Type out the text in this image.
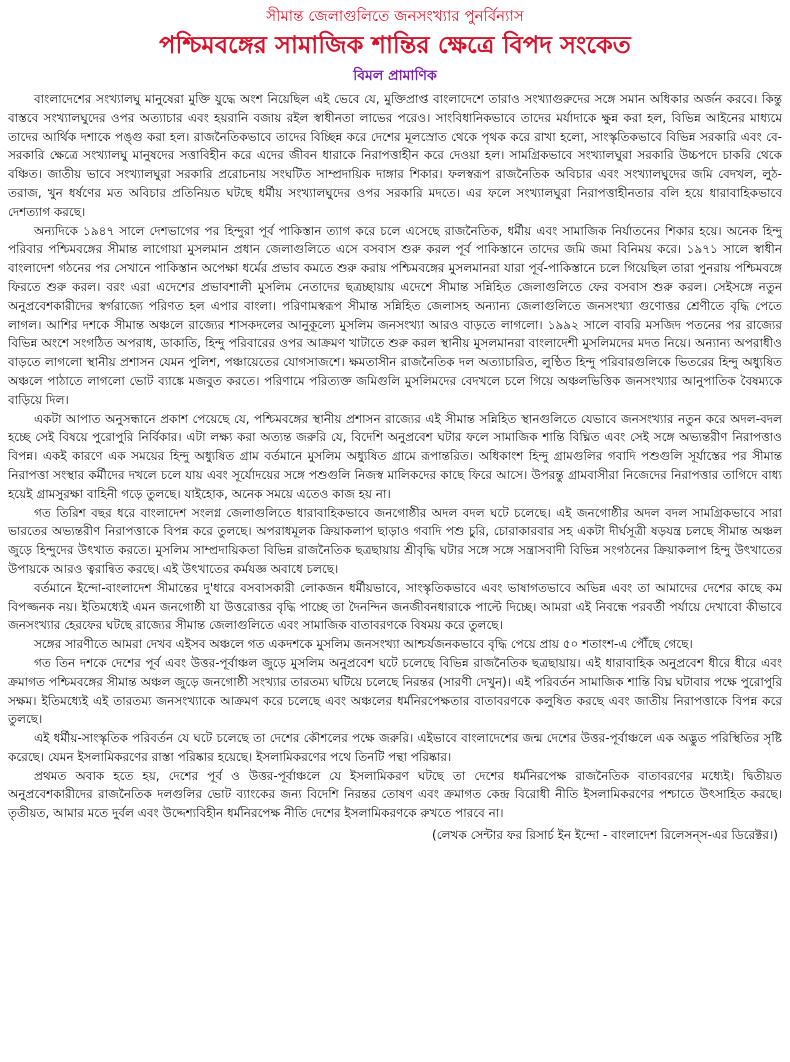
সীমান্ত জেলাগুলিতে জনসংখ্যার পুনর্বিন্যাস

পশ্চিমবঙ্গের সামাজিক শান্তির ক্ষেত্রে বিপদ সংকেত

বিমল প্রামাণিক

বাংলাদেশের সংখ্যালঘু মানুষেরা মুক্তি যুদ্ধে অংশ নিয়েছিল এই ভেবে যে, মুক্তিপ্রাপ্ত বাংলাদেশে তারাও সংখ্যাগুরুদের সঙ্গে সমান অধিকার অর্জন করবে। কিন্তু বাস্তবে সংখ্যালঘুদের ওপর অত্যাচার এবং হয়রানি বজায় রইল স্বাধীনতা লাভের পরেও। সাংবিধানিকভাবে তাদের মর্যাদাকে ক্ষুন্ন করা হল, বিভিন্ন আইনের মাধ্যমে তাদের আর্থিক দশাকে পঙ্গু করা হল। রাজনৈতিকভাবে তাদের বিচ্ছিন্ন করে দেশের মূলস্রোত থেকে পৃথক করে রাখা হলো, সাংস্কৃতিকভাবে বিভিন্ন সরকারি এবং বে-সরকারি ক্ষেত্রে সংখ্যালঘু মানুষদের সত্তাবিহীন করে এদের জীবন ধারাকে নিরাপত্তাহীন করে দেওয়া হল। সামগ্রিকভাবে সংখ্যালঘুরা সরকারি উচ্চপদে চাকরি থেকে বঞ্চিত। জাতীয় ভাবে সংখ্যালঘুরা সরকারি প্ররোচনায় সংঘটিত সাম্প্রদায়িক দাঙ্গার শিকার। ফলস্বরূপ রাজনৈতিক অবিচার এবং সংখ্যালঘুদের জমি বেদখল, লুঠ-তরাজ, খুন ধর্ষণের মত অবিচার প্রতিনিয়ত ঘটছে ধর্মীয় সংখ্যালঘুদের ওপর সরকারি মদতে। এর ফলে সংখ্যালঘুরা নিরাপত্তাহীনতার বলি হয়ে ধারাবাহিকভাবে দেশত্যাগ করছে।

অন্যদিকে ১৯৪৭ সালে দেশভাগের পর হিন্দুরা পূর্ব পাকিস্তান ত্যাগ করে চলে এসেছে রাজনৈতিক, ধর্মীয় এবং সামাজিক নির্যাতনের শিকার হয়ে। অনেক হিন্দু পরিবার পশ্চিমবঙ্গের সীমান্ত লাগোয়া মুসলমান প্রধান জেলাগুলিতে এসে বসবাস শুরু করল পূর্ব পাকিস্তানে তাদের জমি জমা বিনিময় করে। ১৯৭১ সালে স্বাধীন বাংলাদেশ গঠনের পর সেখানে পাকিস্তান অপেক্ষা ধর্মের প্রভাব কমতে শুরু করায় পশ্চিমবঙ্গের মুসলমানরা যারা পূর্ব-পাকিস্তানে চলে গিয়েছিল তারা পুনরায় পশ্চিমবঙ্গে ফিরতে শুরু করল। বরং এরা এদেশের প্রভাবশালী মুসলিম নেতাদের ছত্রচ্ছায়ায় এদেশে সীমান্ত সন্নিহিত জেলাগুলিতে ফের বসবাস শুরু করল। সেইসঙ্গে নতুন অনুপ্রবেশকারীদের স্বর্গরাজ্যে পরিণত হল এপার বাংলা। পরিণামস্বরূপ সীমান্ত সন্নিহিত জেলাসহ অন্যান্য জেলাগুলিতে জনসংখ্যা গুণোত্তর শ্রেণীতে বৃদ্ধি পেতে লাগল। আশির দশকে সীমান্ত অঞ্চলে রাজ্যের শাসকদলের আনুকূল্যে মুসলিম জনসংখ্যা আরও বাড়তে লাগলো। ১৯৯২ সালে বাবরি মসজিদ পতনের পর রাজ্যের বিভিন্ন অংশে সংগঠিত অপরাধ, ডাকাতি, হিন্দু পরিবারের ওপর আক্রমণ খাটাতে শুরু করল স্থানীয় মুসলমানরা বাংলাদেশী মুসলিমদের মদত নিয়ে। অন্যান্য অপরাধীও বাড়তে লাগলো স্থানীয় প্রশাসন যেমন পুলিশ, পঞ্চায়েতের যোগসাজশে। ক্ষমতাসীন রাজনৈতিক দল অত্যাচারিত, লুণ্ঠিত হিন্দু পরিবারগুলিকে ভিতরের হিন্দু অধ্যুষিত অঞ্চলে পাঠাতে লাগলো ভোট ব্যাঙ্কে মজবুত করতে। পরিণামে পরিত্যক্ত জমিগুলি মুসলিমদের বেদখলে চলে গিয়ে অঞ্চলভিত্তিক জনসংখ্যার আনুপাতিক বৈষম্যকে বাড়িয়ে দিল।

একটা আপাত অনুসন্ধানে প্রকাশ পেয়েছে যে, পশ্চিমবঙ্গের স্থানীয় প্রশাসন রাজ্যের এই সীমান্ত সন্নিহিত স্থানগুলিতে যেভাবে জনসংখ্যার নতুন করে অদল-বদল হচ্ছে সেই বিষয়ে পুরোপুরি নির্বিকার। এটা লক্ষ্য করা অত্যন্ত জরুরি যে, বিদেশি অনুপ্রবেশ ঘটার ফলে সামাজিক শান্তি বিঘ্নিত এবং সেই সঙ্গে অভ্যন্তরীণ নিরাপত্তাও বিপন্ন। একই কারণে এক সময়ের হিন্দু অধ্যুষিত গ্রাম বর্তমানে মুসলিম অধ্যুষিত গ্রামে রূপান্তরিত। অধিকাংশ হিন্দু গ্রামগুলির গবাদি পশুগুলি সূর্যাস্তের পর সীমান্ত নিরাপত্তা সংস্থার কর্মীদের দখলে চলে যায় এবং সূর্যোদয়ের সঙ্গে পশুগুলি নিজস্ব মালিকদের কাছে ফিরে আসে। উপরন্তু গ্রামবাসীরা নিজেদের নিরাপত্তার তাগিদে বাধ্য হয়েই গ্রামসুরক্ষা বাহিনী গড়ে তুলছে। যাইহোক, অনেক সময়ে এতেও কাজ হয় না।

গত তিরিশ বছর ধরে বাংলাদেশ সংলগ্ন জেলাগুলিতে ধারাবাহিকভাবে জনগোষ্ঠীর অদল বদল ঘটে চলেছে। এই জনগোষ্ঠীর অদল বদল সামগ্রিকভাবে সারা ভারতের অভ্যন্তরীণ নিরাপত্তাকে বিপন্ন করে তুলছে। অপরাধমূলক ক্রিয়াকলাপ ছাড়াও গবাদি পশু চুরি, চোরাকারবার সহ একটা দীর্ঘসূত্রী ষড়যন্ত্র চলছে সীমান্ত অঞ্চল জুড়ে হিন্দুদের উৎখাত করতে। মুসলিম সাম্প্রদায়িকতা বিভিন্ন রাজনৈতিক ছত্রছায়ায় শ্রীবৃদ্ধি ঘটার সঙ্গে সঙ্গে সন্ত্রাসবাদী বিভিন্ন সংগঠনের ক্রিয়াকলাপ হিন্দু উৎখাতের উপায়কে আরও ত্বরান্বিত করছে। এই উৎখাতের কর্মযজ্ঞ অবাধে চলছে।

বর্তমানে ইন্দো-বাংলাদেশ সীমান্তের দু'ধারে বসবাসকারী লোকজন ধর্মীয়ভাবে, সাংস্কৃতিকভাবে এবং ভাষাগতভাবে অভিন্ন এবং তা আমাদের দেশের কাছে কম বিপজ্জনক নয়। ইতিমধ্যেই এমন জনগোষ্ঠী যা উত্তরোত্তর বৃদ্ধি পাচ্ছে তা দৈনন্দিন জনজীবনধারাকে পাল্টে দিচ্ছে। আমরা এই নিবন্ধে পরবর্তী পর্যায়ে দেখাবো কীভাবে জনসংখ্যার হেরফের ঘটছে রাজ্যের সীমান্ত জেলাগুলিতে এবং সামাজিক বাতাবরণকে বিষময় করে তুলছে।

সঙ্গের সারণীতে আমরা দেখব এইসব অঞ্চলে গত একদশকে মুসলিম জনসংখ্যা আশ্চর্যজনকভাবে বৃদ্ধি পেয়ে প্রায় ৫০ শতাংশ-এ পৌঁছে গেছে।

গত তিন দশকে দেশের পূর্ব এবং উত্তর-পূর্বাঞ্চল জুড়ে মুসলিম অনুপ্রবেশ ঘটে চলেছে বিভিন্ন রাজনৈতিক ছত্রছায়ায়। এই ধারাবাহিক অনুপ্রবেশ ধীরে ধীরে এবং ক্রমাগত পশ্চিমবঙ্গের সীমান্ত অঞ্চল জুড়ে জনগোষ্ঠী সংখ্যার তারতম্য ঘটিয়ে চলেছে নিরন্তর (সারণী দেখুন)। এই পরিবর্তন সামাজিক শান্তি বিঘ্ন ঘটাবার পক্ষে পুরোপুরি সক্ষম। ইতিমধ্যেই এই তারতম্য জনসংখ্যাকে আক্রমণ করে চলেছে এবং অঞ্চলের ধর্মনিরপেক্ষতার বাতাবরণকে কলুষিত করছে এবং জাতীয় নিরাপত্তাকে বিপন্ন করে তুলছে।

এই ধর্মীয়-সাংস্কৃতিক পরিবর্তন যে ঘটে চলেছে তা দেশের কৌশলের পক্ষে জরুরি। এইভাবে বাংলাদেশের জন্ম দেশের উত্তর-পূর্বাঞ্চলে এক অদ্ভুত পরিস্থিতির সৃষ্টি করেছে। যেমন ইসলামিকরণের রাস্তা পরিষ্কার হয়েছে। ইসলামিকরণের পথে তিনটি পন্থা পরিষ্কার।

প্রথমত অবাক হতে হয়, দেশের পূর্ব ও উত্তর-পূর্বাঞ্চলে যে ইসলামিকরণ ঘটছে তা দেশের ধর্মনিরপেক্ষ রাজনৈতিক বাতাবরণের মধ্যেই। দ্বিতীয়ত অনুপ্রবেশকারীদের রাজনৈতিক দলগুলির ভোট ব্যাংকের জন্য বিদেশি নিরন্তর তোষণ এবং ক্রমাগত কেন্দ্র বিরোধী নীতি ইসলামিকরণের পশ্চাতে উৎসাহিত করছে। তৃতীয়ত, আমার মতে দুর্বল এবং উদ্দেশ্যবিহীন ধর্মনিরপেক্ষ নীতি দেশের ইসলামিকরণকে রুখতে পারবে না।

(লেখক সেন্টার ফর রিসার্চ ইন ইন্দো - বাংলাদেশ রিলেসন্‌স-এর ডিরেক্টর।)
